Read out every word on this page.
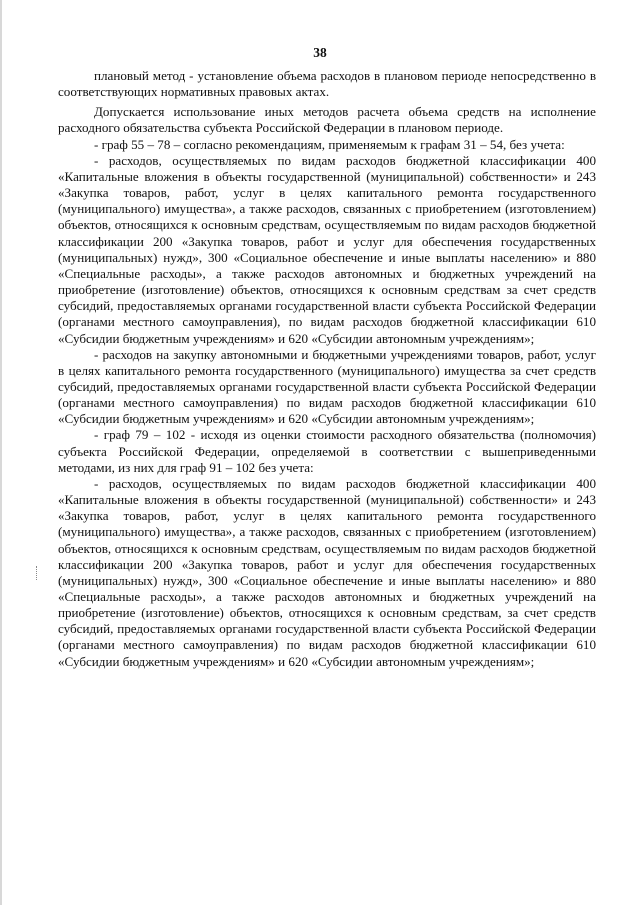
38

плановый метод - установление объема расходов в плановом периоде непосредственно в соответствующих нормативных правовых актах.

Допускается использование иных методов расчета объема средств на исполнение расходного обязательства субъекта Российской Федерации в плановом периоде.

- граф 55 – 78 – согласно рекомендациям, применяемым к графам 31 – 54, без учета:

- расходов, осуществляемых по видам расходов бюджетной классификации 400 «Капитальные вложения в объекты государственной (муниципальной) собственности» и 243 «Закупка товаров, работ, услуг в целях капитального ремонта государственного (муниципального) имущества», а также расходов, связанных с приобретением (изготовлением) объектов, относящихся к основным средствам, осуществляемым по видам расходов бюджетной классификации 200 «Закупка товаров, работ и услуг для обеспечения государственных (муниципальных) нужд», 300 «Социальное обеспечение и иные выплаты населению» и 880 «Специальные расходы», а также расходов автономных и бюджетных учреждений на приобретение (изготовление) объектов, относящихся к основным средствам за счет средств субсидий, предоставляемых органами государственной власти субъекта Российской Федерации (органами местного самоуправления), по видам расходов бюджетной классификации 610 «Субсидии бюджетным учреждениям» и 620 «Субсидии автономным учреждениям»;

- расходов на закупку автономными и бюджетными учреждениями товаров, работ, услуг в целях капитального ремонта государственного (муниципального) имущества за счет средств субсидий, предоставляемых органами государственной власти субъекта Российской Федерации (органами местного самоуправления) по видам расходов бюджетной классификации 610 «Субсидии бюджетным учреждениям» и 620 «Субсидии автономным учреждениям»;

- граф 79 – 102 - исходя из оценки стоимости расходного обязательства (полномочия) субъекта Российской Федерации, определяемой в соответствии с вышеприведенными методами, из них для граф 91 – 102 без учета:

- расходов, осуществляемых по видам расходов бюджетной классификации 400 «Капитальные вложения в объекты государственной (муниципальной) собственности» и 243 «Закупка товаров, работ, услуг в целях капитального ремонта государственного (муниципального) имущества», а также расходов, связанных с приобретением (изготовлением) объектов, относящихся к основным средствам, осуществляемым по видам расходов бюджетной классификации 200 «Закупка товаров, работ и услуг для обеспечения государственных (муниципальных) нужд», 300 «Социальное обеспечение и иные выплаты населению» и 880 «Специальные расходы», а также расходов автономных и бюджетных учреждений на приобретение (изготовление) объектов, относящихся к основным средствам, за счет средств субсидий, предоставляемых органами государственной власти субъекта Российской Федерации (органами местного самоуправления) по видам расходов бюджетной классификации 610 «Субсидии бюджетным учреждениям» и 620 «Субсидии автономным учреждениям»;
